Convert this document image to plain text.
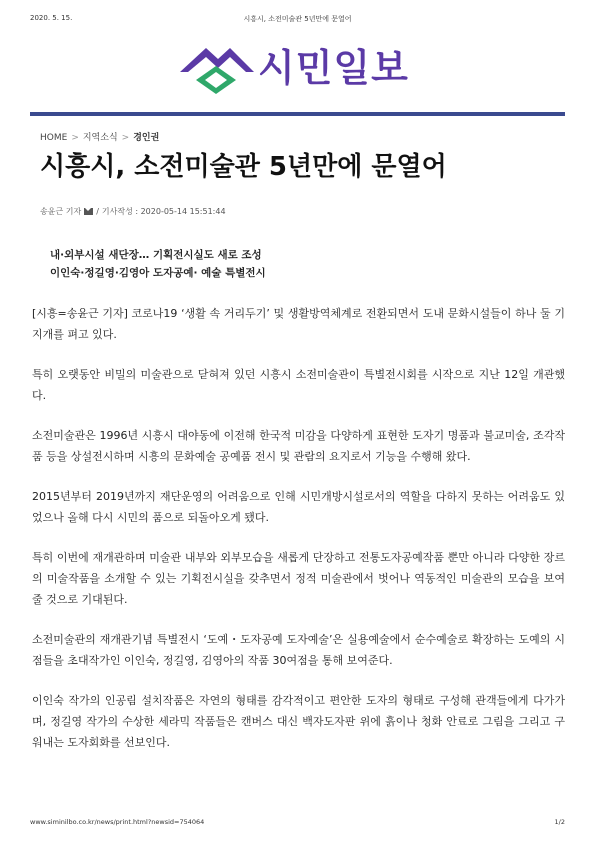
2020. 5. 15.	시흥시, 소전미술관 5년만에 문열어
시민일보
HOME > 지역소식 > 경인권
시흥시, 소전미술관 5년만에 문열어
송윤근 기자 / 기사작성 : 2020-05-14 15:51:44
내·외부시설 새단장… 기획전시실도 새로 조성
이인숙·정길영·김영아 도자공예· 예술 특별전시

[시흥=송윤근 기자] 코로나19 ‘생활 속 거리두기’ 및 생활방역체계로 전환되면서 도내 문화시설들이 하나 둘 기지개를 펴고 있다.

특히 오랫동안 비밀의 미술관으로 닫혀져 있던 시흥시 소전미술관이 특별전시회를 시작으로 지난 12일 개관했다.

소전미술관은 1996년 시흥시 대야동에 이전해 한국적 미감을 다양하게 표현한 도자기 명품과 불교미술, 조각작품 등을 상설전시하며 시흥의 문화예술 공예품 전시 및 관람의 요지로서 기능을 수행해 왔다.

2015년부터 2019년까지 재단운영의 어려움으로 인해 시민개방시설로서의 역할을 다하지 못하는 어려움도 있었으나 올해 다시 시민의 품으로 되돌아오게 됐다.

특히 이번에 재개관하며 미술관 내부와 외부모습을 새롭게 단장하고 전통도자공예작품 뿐만 아니라 다양한 장르의 미술작품을 소개할 수 있는 기획전시실을 갖추면서 정적 미술관에서 벗어나 역동적인 미술관의 모습을 보여줄 것으로 기대된다.

소전미술관의 재개관기념 특별전시 ‘도예・도자공예 도자예술’은 실용예술에서 순수예술로 확장하는 도예의 시점들을 초대작가인 이인숙, 정길영, 김영아의 작품 30여점을 통해 보여준다.

이인숙 작가의 인공림 설치작품은 자연의 형태를 감각적이고 편안한 도자의 형태로 구성해 관객들에게 다가가며, 정길영 작가의 수상한 세라믹 작품들은 캔버스 대신 백자도자판 위에 흙이나 청화 안료로 그림을 그리고 구워내는 도자회화를 선보인다.

www.siminilbo.co.kr/news/print.html?newsid=754064	1/2
